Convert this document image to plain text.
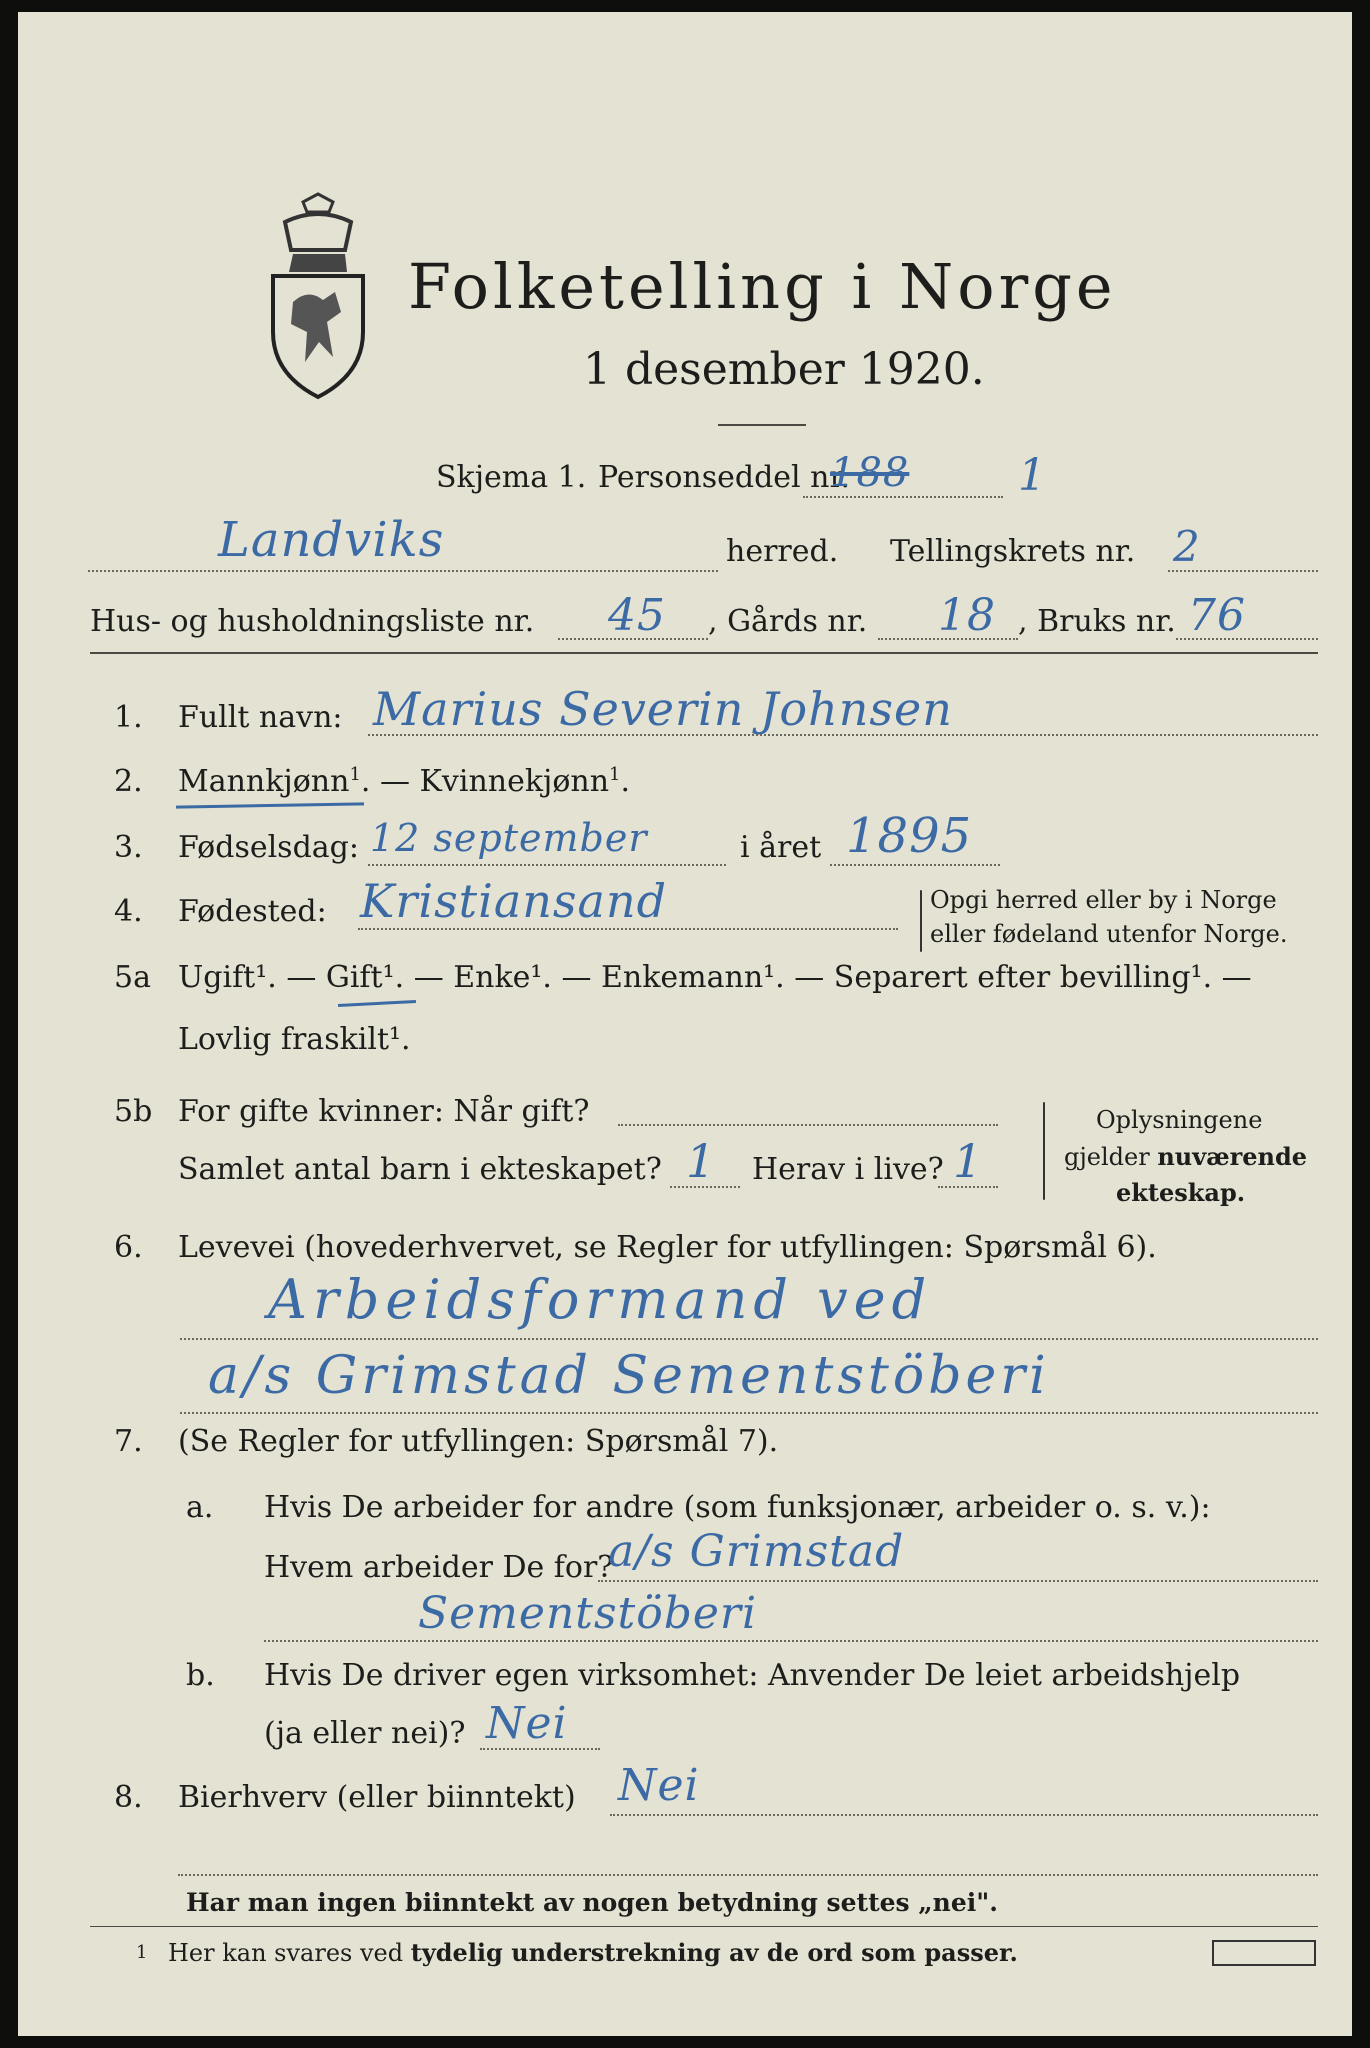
Folketelling i Norge
1 desember 1920.
Skjema 1. Personseddel nr.
188 1
Landviks	herred. Tellingskrets nr. 2
Hus- og husholdningsliste nr. 45 , Gårds nr. 18 , Bruks nr. 76
1. Fullt navn: Marius Severin Johnsen
2. Mannkjønn$^1$. — Kvinnekjønn$^1$.
3. Fødselsdag: 12 september	i året 1895
4. Fødested: Kristiansand	Opgi herred eller by i Norge
eller fødeland utenfor Norge.
5a Ugift¹. — Gift¹. — Enke¹. — Enkemann¹. — Separert efter bevilling¹. —
Lovlig fraskilt¹.
5b For gifte kvinner: Når gift?
Samlet antal barn i ekteskapet? 1 Herav i live? 1
Oplysningene
gjelder nuværende
ekteskap.
6. Levevei (hovederhvervet, se Regler for utfyllingen: Spørsmål 6).
Arbeidsformand ved
a/s Grimstad Sementstöberi
7. (Se Regler for utfyllingen: Spørsmål 7).
a. Hvis De arbeider for andre (som funksjonær, arbeider o. s. v.):
Hvem arbeider De for?
a/s Grimstad
Sementstöberi
b. Hvis De driver egen virksomhet: Anvender De leiet arbeidshjelp
(ja eller nei)? Nei
8. Bierhverv (eller biinntekt) Nei
Har man ingen biinntekt av nogen betydning settes „nei".
1 Her kan svares ved tydelig understrekning av de ord som passer.
